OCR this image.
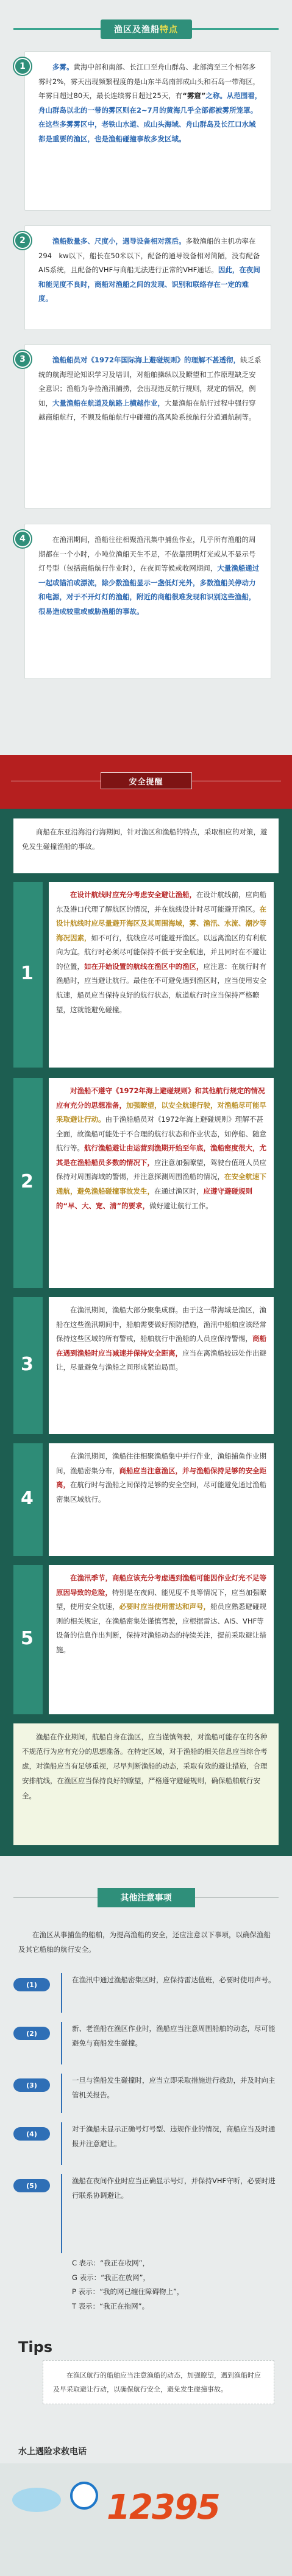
渔区及渔船 特点
1	多雾。黄海中部和南部、长江口至舟山群岛、北部湾至三个相邻多雾时2%，雾天出现频繁程度的是山东半岛南部成山头和石岛一带海区，年雾日超过80天，最长连续雾日超过25天，有“雾窟”之称。从范围看，舟山群岛以北的一带的雾区则在2~7月的黄海几乎全部都被雾所笼罩。在这些多雾雾区中，老铁山水道、成山头海域、舟山群岛及长江口水域都是重要的渔区，也是渔船碰撞事故多发区域。

2	渔船数量多、尺度小，遇导设备相对落后。多数渔船的主机功率在294　kw以下，船长在50米以下，配备的通导设备相对简陋，没有配备AIS系统，且配备的VHF与商船无法进行正常的VHF通话。因此，在夜间和能见度不良时，商船对渔船之间的发现、识别和联络存在一定的难度。

3	渔船船员对《1972年国际海上避碰规则》的理解不甚透彻，缺乏系统的航海理论知识学习及培训，对船舶操纵以及瞭望和工作原理缺乏安全意识；渔船为争捡渔汛捕捞，会出现违反航行规则，规定的情况，例如，大量渔船在航道及航路上横越作业，大量渔船在航行过程中强行穿越商船航行，不顾及船舶航行中碰撞的高风险系统航行分道通航制等。

4	在渔汛期间，渔船往往相聚渔汛集中捕鱼作业，几乎所有渔船的周期都在一个小时，小吨位渔船天生不足，不依靠照明灯光或从不显示号灯号型（包括商船航行作业时），在夜间等候或收网期间，大量渔船通过一起或锚泊或漂流，除少数渔船显示一盏低灯光外，多数渔船关停动力和电源，对于不开灯灯的渔船，附近的商船很难发现和识别这些渔船，很易造成较重或威胁渔船的事故。

安全提醒
商船在东亚沿海沿行海期间，针对渔区和渔船的特点，采取相应的对策，避免发生碰撞渔船的事故。
1
在设计航线时应充分考虑安全避让渔船，在设计航线前，应向船东及港口代理了解航区的情况，并在航线设计时尽可能避开渔区。在设计航线时应尽量避开海区及其周围海域，雾、渔汛、水流、潮汐等海况因素，如不可行，航线应尽可能避开渔区。以远离渔区的有利航向为宜。航行时必须尽可能保持不低于安全航速，并且同时在不避让的位置，如在开始设置的航线在渔区中的渔区，应注意：在航行时有渔船时，应当避让航行。最佳在不可避免遇到渔区时，应当使用安全航速，船员应当保持良好的航行状态，航道航行时应当保持严格瞭望，这就能避免碰撞。
2
对渔船不遵守《1972年海上避碰规则》和其他航行规定的情况应有充分的思想准备，加强瞭望，以安全航速行驶，对渔船尽可能早采取避让行动。由于渔船船员对《1972年海上避碰规则》理解不甚全面，故渔船可能处于不合理的航行状态和作业状态，如停船、随意航行等。航行渔船避让由运营到漁期开始至年底，渔船密度很大，尤其是在渔船船员多数的情况下，应注意加强瞭望，驾驶台值班人员应保持对周围海域的警惕，并注意探测周围渔船的情况，在安全航速下通航，避免渔船碰撞事故发生，在通过渔区时，应遵守避碰规则的“早、大、宽、清”的要求，做好避让航行工作。
3
在渔汛期间，渔船大部分聚集成群。由于这一带海域是渔区，渔船在这些渔汛期间中，船舶需要做好预防措施，渔汛中船舶应该经常保持这些区域的所有警戒，船舶航行中渔船的人员应保持警惕，商船在遇到渔船时应当减速并保持安全距离，应当在离渔船较远处作出避让，尽量避免与渔船之间形成紧迫局面。
4
在渔汛期间，渔船往往相聚渔船集中并行作业，渔船捕鱼作业期间，渔船密集分布，商船应当注意渔区，并与渔船保持足够的安全距离，在航行时与渔船之间保持足够的安全空间，尽可能避免通过渔船密集区域航行。
5
在渔汛季节，商船应该充分考虑遇到渔船可能因作业灯光不足等原因导致的危险，特别是在夜间、能见度不良等情况下，应当加强瞭望，使用安全航速，必要时应当使用雷达和声号，船员应熟悉避碰规则的相关规定，在渔船密集处谨慎驾驶，应根据雷达、AIS、VHF等设备的信息作出判断，保持对渔船动态的持续关注，提前采取避让措施。
渔船在作业期间，航船自身在渔区，应当谨慎驾驶，对渔船可能存在的各种不规范行为应有充分的思想准备。在特定区域，对于渔船的相关信息应当综合考虑，对渔船应当有足够重视，尽早判断渔船的动态，采取有效的避让措施，合理安排航线，在渔区应当保持良好的瞭望，严格遵守避碰规则，确保船舶航行安全。
其他注意事项
在渔区从事捕鱼的船舶，为提高渔船的安全，还应注意以下事项，以确保渔船及其它船舶的航行安全。
(1)
在渔汛中通过渔船密集区时，应保持雷达值班，必要时使用声号。
(2)
新、老渔船在渔区作业时，渔船应当注意周围船舶的动态，尽可能避免与商船发生碰撞。
(3)
一旦与渔船发生碰撞时，应当立即采取措施进行救助，并及时向主管机关报告。
(4)
对于渔船未显示正确号灯号型、违规作业的情况，商船应当及时通报并注意避让。
(5)
渔船在夜间作业时应当正确显示号灯，并保持VHF守听，必要时进行联系协调避让。
C 表示：“我正在收网”，
G 表示：“我正在放网”，
P 表示：“我的网已缠住障碍物上”，
T 表示：“我正在拖网”。
Tips
在渔区航行的船舶应当注意渔船的动态，加强瞭望，遇到渔船时应及早采取避让行动，以确保航行安全，避免发生碰撞事故。
水上遇险求救电话
12395
